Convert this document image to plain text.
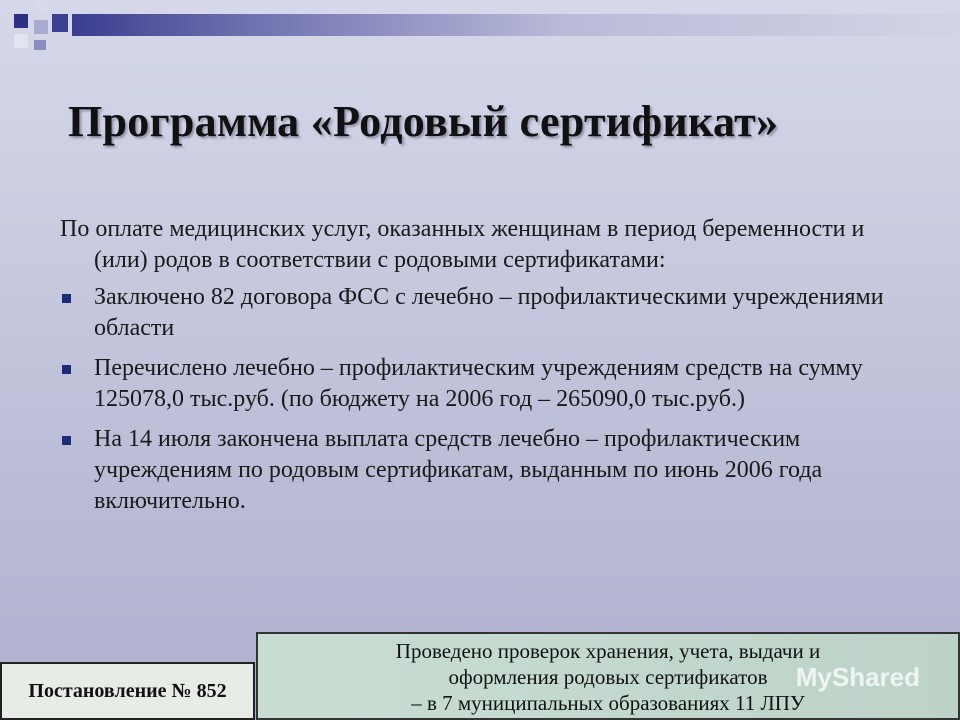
Программа «Родовый сертификат»

По оплате медицинских услуг, оказанных женщинам в период беременности и (или) родов в соответствии с родовыми сертификатами:

Заключено 82 договора ФСС с лечебно – профилактическими учреждениями области
Перечислено лечебно – профилактическим учреждениям средств на сумму 125078,0 тыс.руб. (по бюджету на 2006 год – 265090,0 тыс.руб.)
На 14 июля закончена выплата средств лечебно – профилактическим учреждениям по родовым сертификатам, выданным по июнь 2006 года включительно.
Постановление № 852
Проведено проверок хранения, учета, выдачи и
оформления родовых сертификатов
– в 7 муниципальных образованиях 11 ЛПУ
MyShared
